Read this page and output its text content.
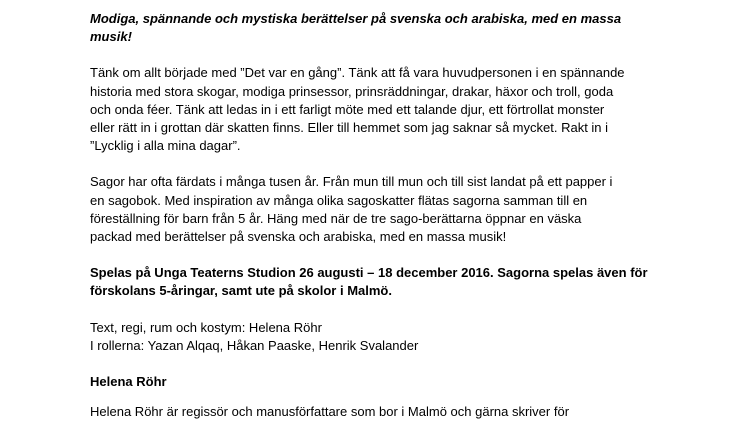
Modiga, spännande och mystiska berättelser på svenska och arabiska, med en massa
musik!

Tänk om allt började med ”Det var en gång”. Tänk att få vara huvudpersonen i en spännande
historia med stora skogar, modiga prinsessor, prinsräddningar, drakar, häxor och troll, goda
och onda féer. Tänk att ledas in i ett farligt möte med ett talande djur, ett förtrollat monster
eller rätt in i grottan där skatten finns. Eller till hemmet som jag saknar så mycket. Rakt in i
”Lycklig i alla mina dagar”.

Sagor har ofta färdats i många tusen år. Från mun till mun och till sist landat på ett papper i
en sagobok. Med inspiration av många olika sagoskatter flätas sagorna samman till en
föreställning för barn från 5 år. Häng med när de tre sago-berättarna öppnar en väska
packad med berättelser på svenska och arabiska, med en massa musik!

Spelas på Unga Teaterns Studion 26 augusti – 18 december 2016. Sagorna spelas även för
förskolans 5-åringar, samt ute på skolor i Malmö.

Text, regi, rum och kostym: Helena Röhr
I rollerna: Yazan Alqaq, Håkan Paaske, Henrik Svalander

Helena Röhr

Helena Röhr är regissör och manusförfattare som bor i Malmö och gärna skriver för
